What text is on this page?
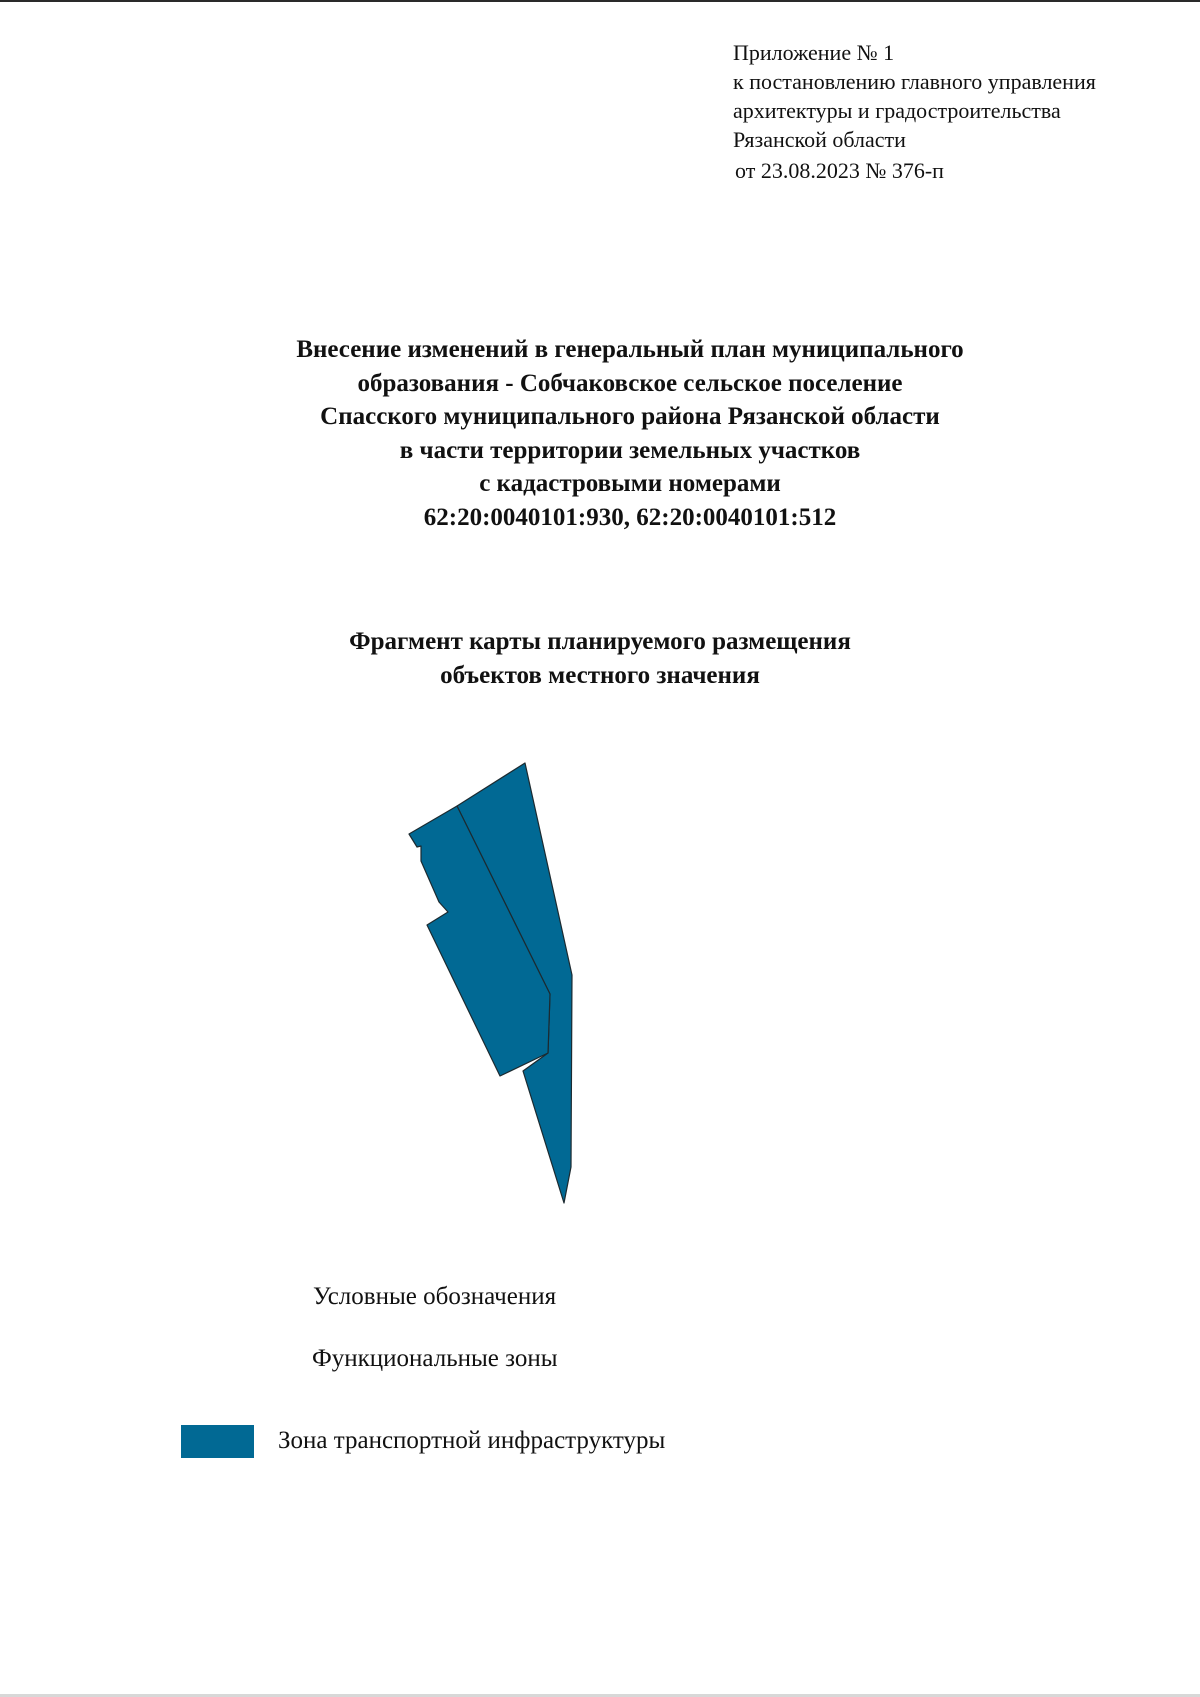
Приложение № 1
к постановлению главного управления
архитектуры и градостроительства
Рязанской области
от 23.08.2023 № 376-п
Внесение изменений в генеральный план муниципального
образования - Собчаковское сельское поселение
Спасского муниципального района Рязанской области
в части территории земельных участков
с кадастровыми номерами
62:20:0040101:930, 62:20:0040101:512
Фрагмент карты планируемого размещения
объектов местного значения
Условные обозначения
Функциональные зоны
Зона транспортной инфраструктуры
